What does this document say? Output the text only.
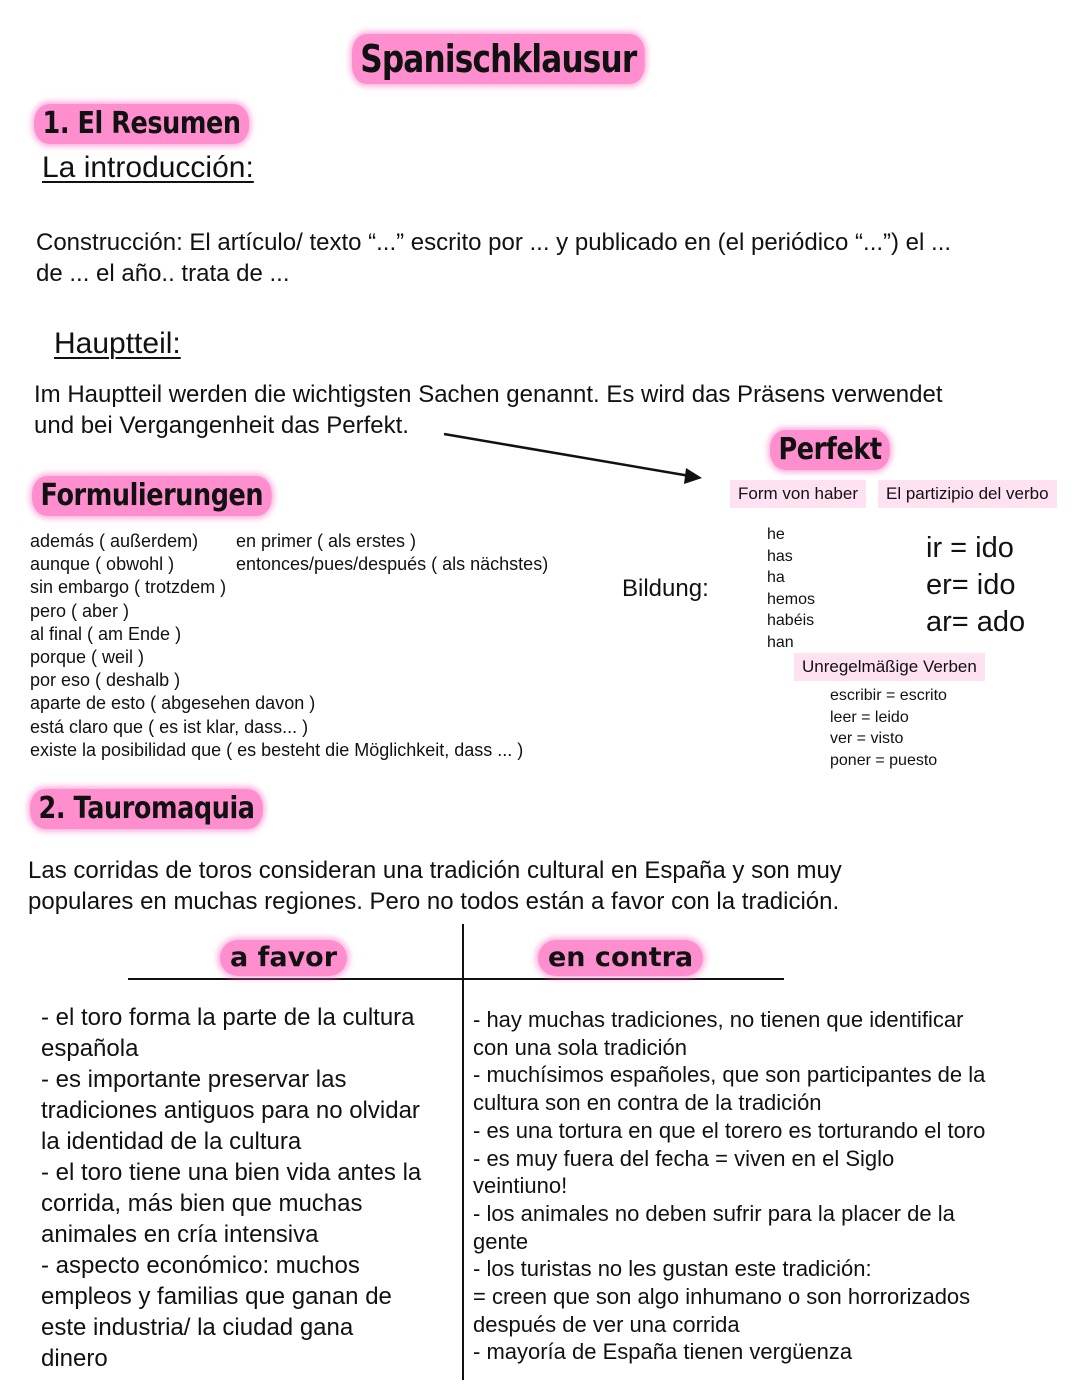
Spanischklausur
1. El Resumen
La introducción:
Construcción: El artículo/ texto “...” escrito por ... y publicado en (el periódico “...”) el ...
de ... el año.. trata de ...
Hauptteil:
Im Hauptteil werden die wichtigsten Sachen genannt. Es wird das Präsens verwendet
und bei Vergangenheit das Perfekt.
Formulierungen
además ( außerdem)
aunque ( obwohl )
sin embargo ( trotzdem )
pero ( aber )
al final ( am Ende )
porque ( weil )
por eso ( deshalb )
aparte de esto ( abgesehen davon )
está claro que ( es ist klar, dass... )
existe la posibilidad que ( es besteht die Möglichkeit, dass ... )
en primer ( als erstes )
entonces/pues/después ( als nächstes)
Perfekt
Form von haber	El partizipio del verbo
Bildung:
he
has
ha
hemos
habéis
han
ir = ido
er= ido
ar= ado
Unregelmäßige Verben
escribir = escrito
leer = leido
ver = visto
poner = puesto
2. Tauromaquia
Las corridas de toros consideran una tradición cultural en España y son muy
populares en muchas regiones. Pero no todos están a favor con la tradición.
a favor	en contra
- el toro forma la parte de la cultura
española
- es importante preservar las
tradiciones antiguos para no olvidar
la identidad de la cultura
- el toro tiene una bien vida antes la
corrida, más bien que muchas
animales en cría intensiva
- aspecto económico: muchos
empleos y familias que ganan de
este industria/ la ciudad gana
dinero
- hay muchas tradiciones, no tienen que identificar
con una sola tradición
- muchísimos españoles, que son participantes de la
cultura son en contra de la tradición
- es una tortura en que el torero es torturando el toro
- es muy fuera del fecha = viven en el Siglo
veintiuno!
- los animales no deben sufrir para la placer de la
gente
- los turistas no les gustan este tradición:
= creen que son algo inhumano o son horrorizados
después de ver una corrida
- mayoría de España tienen vergüenza
